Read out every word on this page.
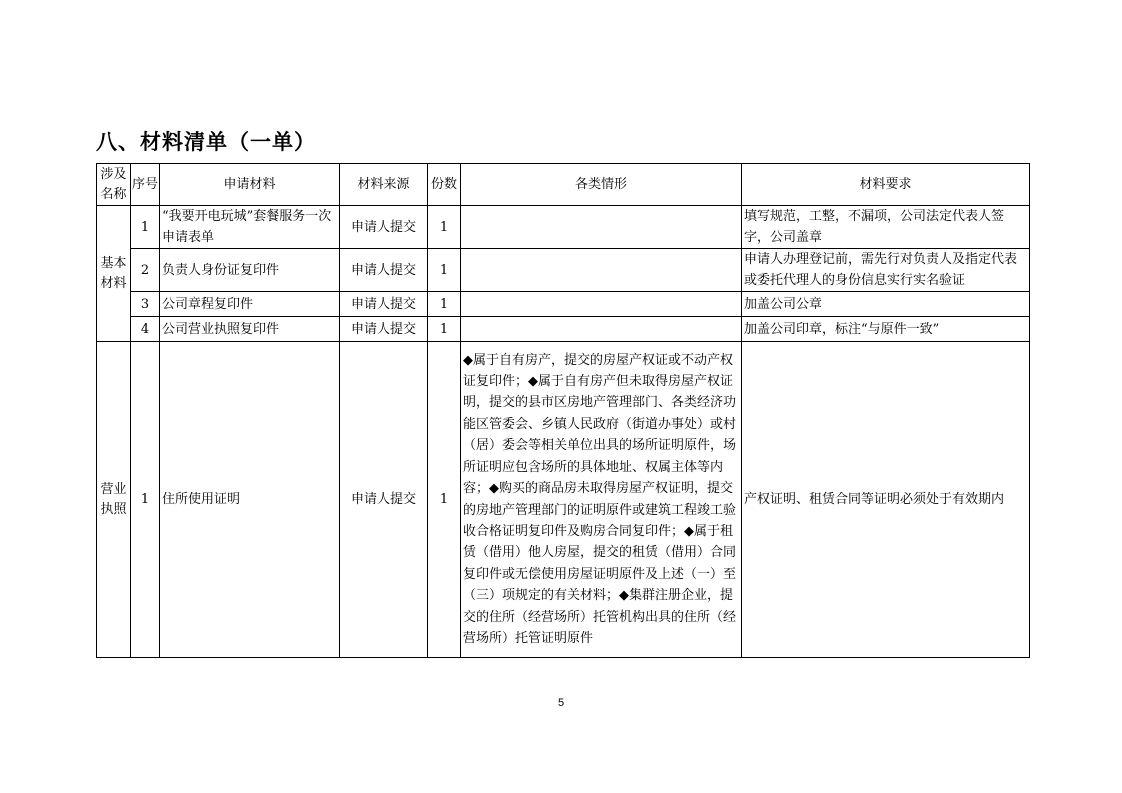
八、材料清单（一单）
涉及名称	序号	申请材料	材料来源	份数	各类情形	材料要求
基本材料	1	“我要开电玩城”套餐服务一次申请表单	申请人提交	1		填写规范，工整，不漏项，公司法定代表人签字，公司盖章
	2	负责人身份证复印件	申请人提交	1		申请人办理登记前，需先行对负责人及指定代表或委托代理人的身份信息实行实名验证
	3	公司章程复印件	申请人提交	1		加盖公司公章
	4	公司营业执照复印件	申请人提交	1		加盖公司印章，标注“与原件一致”
营业执照	1	住所使用证明	申请人提交	1	◆属于自有房产，提交的房屋产权证或不动产权证复印件；◆属于自有房产但未取得房屋产权证明，提交的县市区房地产管理部门、各类经济功能区管委会、乡镇人民政府（街道办事处）或村（居）委会等相关单位出具的场所证明原件，场所证明应包含场所的具体地址、权属主体等内容；◆购买的商品房未取得房屋产权证明，提交的房地产管理部门的证明原件或建筑工程竣工验收合格证明复印件及购房合同复印件；◆属于租赁（借用）他人房屋，提交的租赁（借用）合同复印件或无偿使用房屋证明原件及上述（一）至（三）项规定的有关材料；◆集群注册企业，提交的住所（经营场所）托管机构出具的住所（经营场所）托管证明原件	产权证明、租赁合同等证明必须处于有效期内
5
